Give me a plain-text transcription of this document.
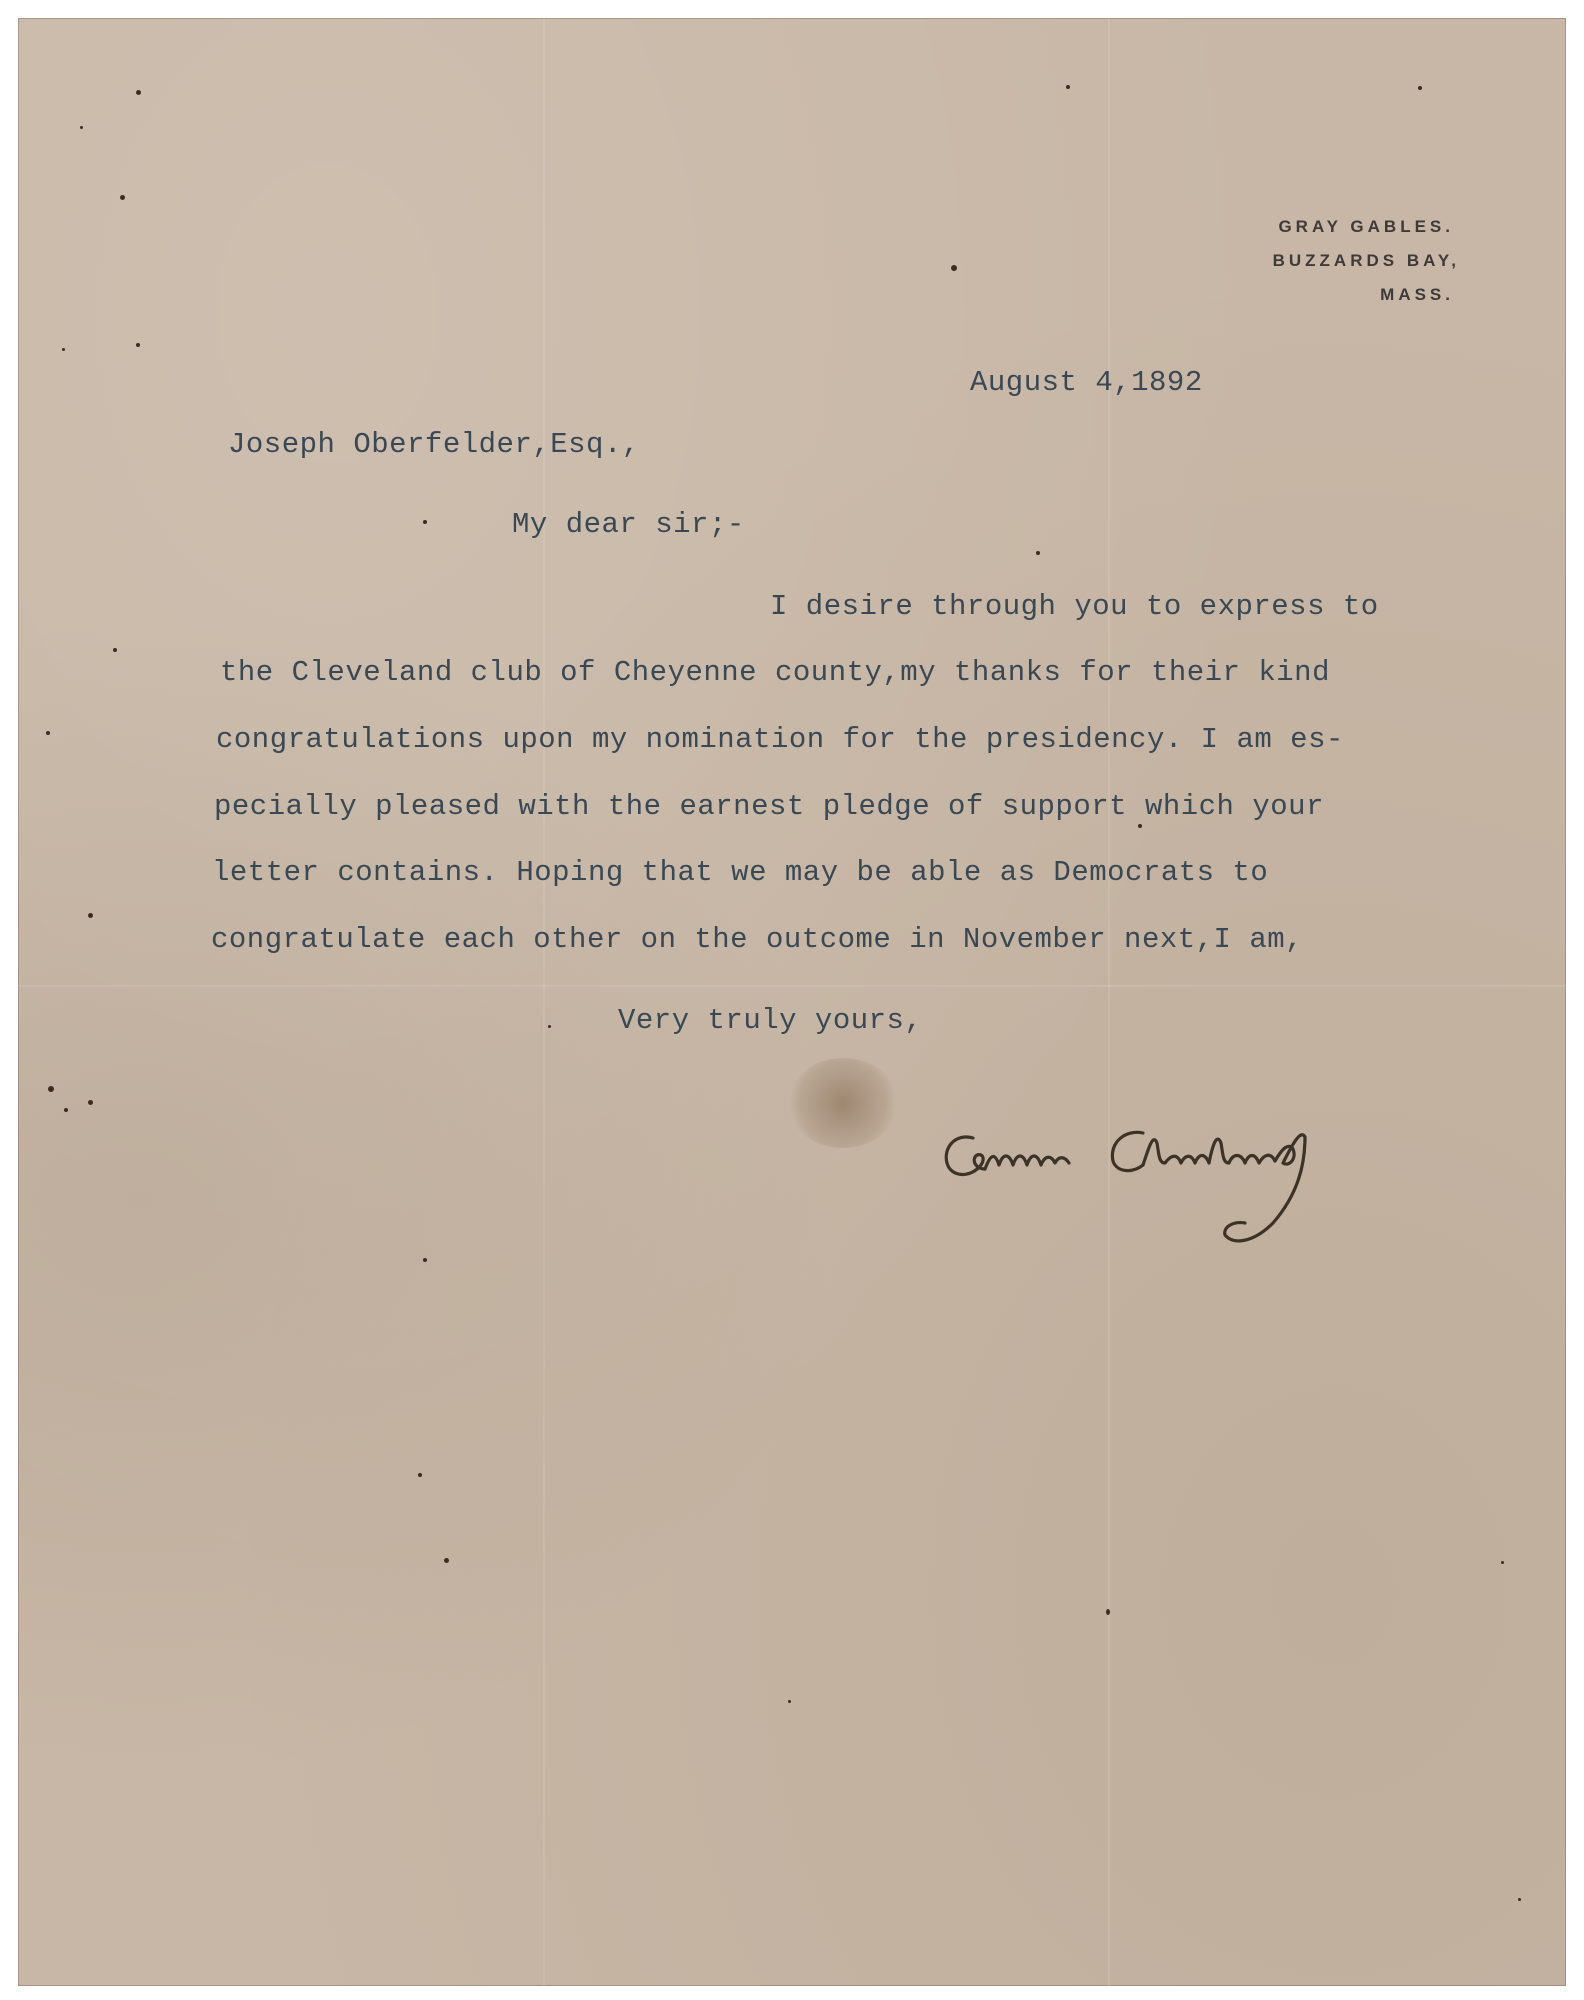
GRAY GABLES.
BUZZARDS BAY,
MASS.
August 4,1892
Joseph Oberfelder,Esq.,
My dear sir;-
I desire through you to express to
the Cleveland club of Cheyenne county,my thanks for their kind
congratulations upon my nomination for the presidency. I am es-
pecially pleased with the earnest pledge of support which your
letter contains. Hoping that we may be able as Democrats to
congratulate each other on the outcome in November next,I am,
Very truly yours,
